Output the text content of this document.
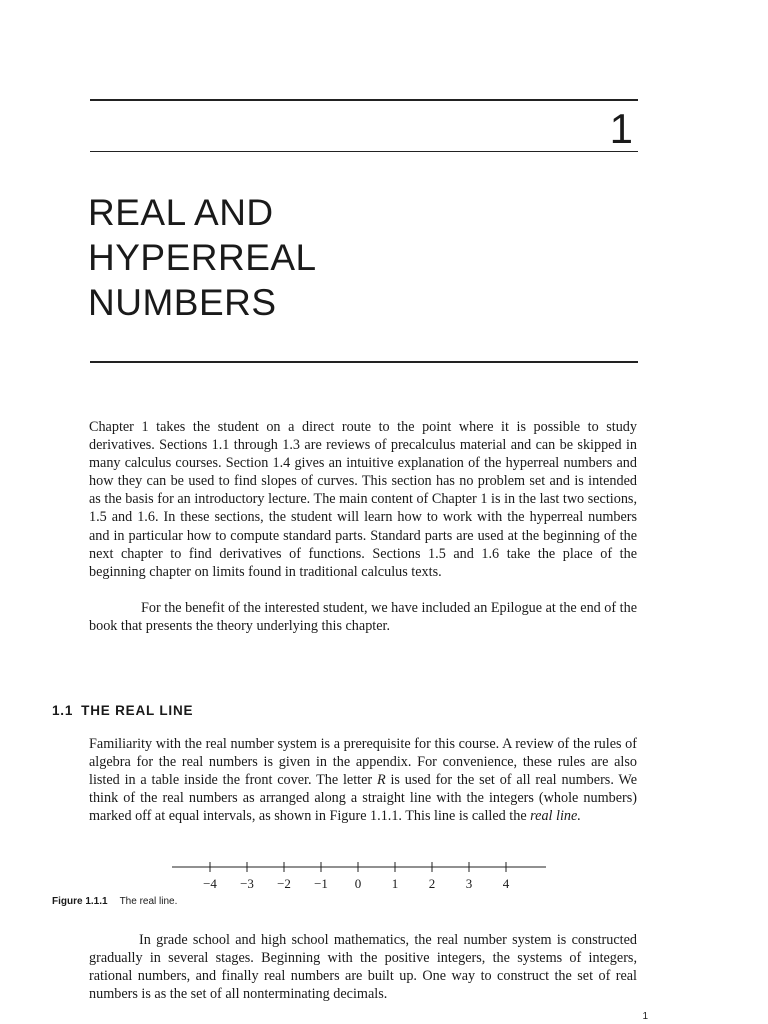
1
REAL AND
HYPERREAL
NUMBERS

Chapter 1 takes the student on a direct route to the point where it is possible to study derivatives. Sections 1.1 through 1.3 are reviews of precalculus material and can be skipped in many calculus courses. Section 1.4 gives an intuitive explanation of the hyperreal numbers and how they can be used to find slopes of curves. This section has no problem set and is intended as the basis for an introductory lecture. The main content of Chapter 1 is in the last two sections, 1.5 and 1.6. In these sections, the student will learn how to work with the hyperreal numbers and in particular how to compute standard parts. Standard parts are used at the beginning of the next chapter to find derivatives of functions. Sections 1.5 and 1.6 take the place of the beginning chapter on limits found in traditional calculus texts.

For the benefit of the interested student, we have included an Epilogue at the end of the book that presents the theory underlying this chapter.

1.1 THE REAL LINE

Familiarity with the real number system is a prerequisite for this course. A review of the rules of algebra for the real numbers is given in the appendix. For convenience, these rules are also listed in a table inside the front cover. The letter R is used for the set of all real numbers. We think of the real numbers as arranged along a straight line with the integers (whole numbers) marked off at equal intervals, as shown in Figure 1.1.1. This line is called the real line.

−4 −3 −2 −1 0 1 2 3 4
Figure 1.1.1 The real line.

In grade school and high school mathematics, the real number system is constructed gradually in several stages. Beginning with the positive integers, the systems of integers, rational numbers, and finally real numbers are built up. One way to construct the set of real numbers is as the set of all nonterminating decimals.

1
